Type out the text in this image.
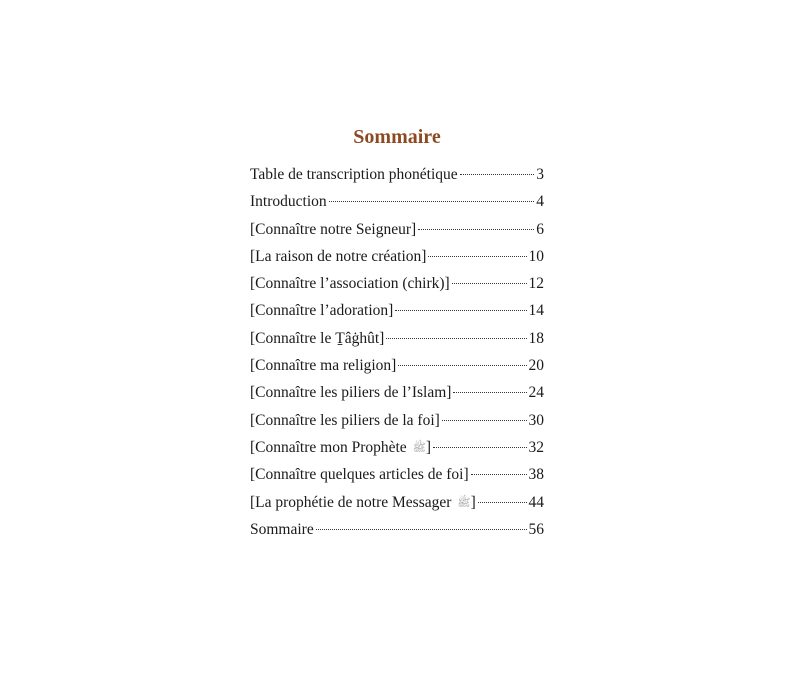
Sommaire
Table de transcription phonétique	3
Introduction	4
[Connaître notre Seigneur]	6
[La raison de notre création]	10
[Connaître l’association (chirk)]	12
[Connaître l’adoration]	14
[Connaître le Ṯâġhût]	18
[Connaître ma religion]	20
[Connaître les piliers de l’Islam]	24
[Connaître les piliers de la foi]	30
[Connaître mon Prophète ﷺ]	32
[Connaître quelques articles de foi]	38
[La prophétie de notre Messager ﷺ]	44
Sommaire	56
